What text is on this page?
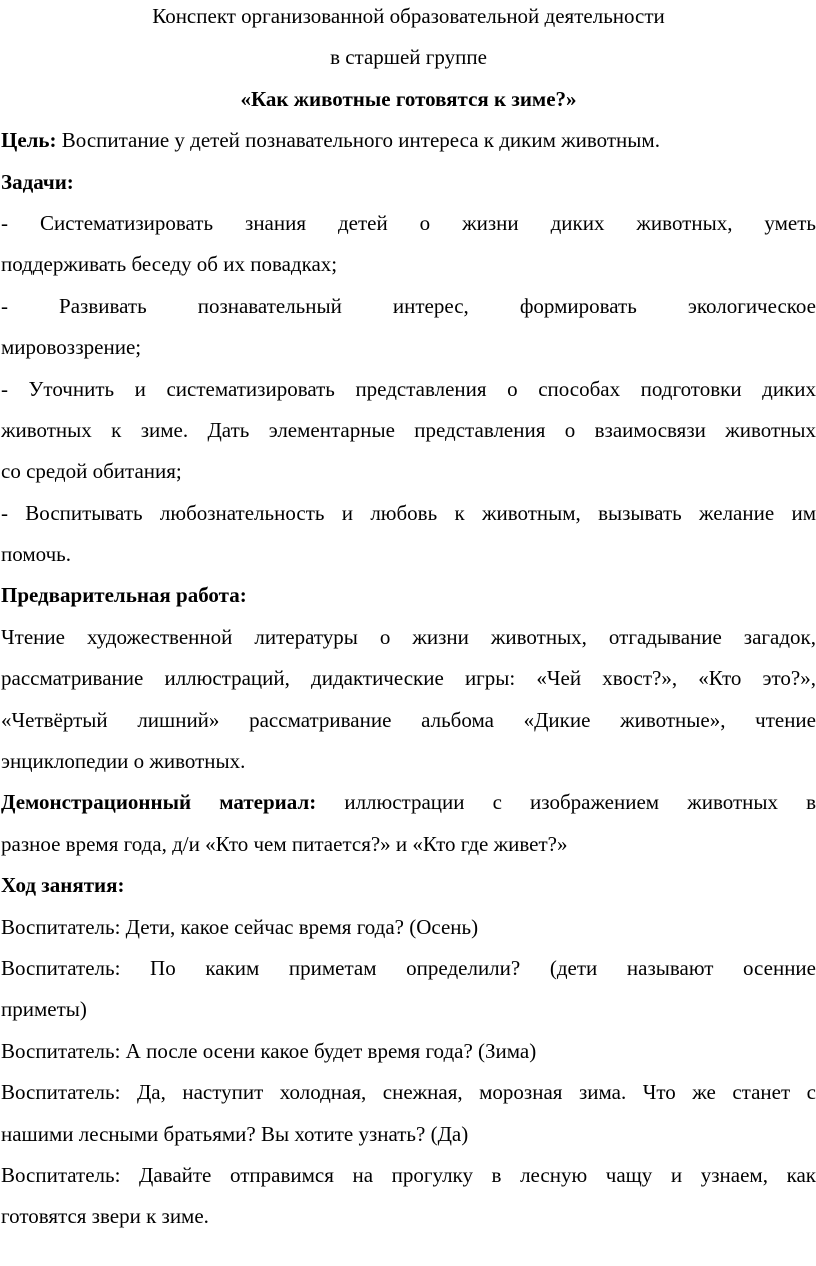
Конспект организованной образовательной деятельности
в старшей группе
«Как животные готовятся к зиме?»
Цель: Воспитание у детей познавательного интереса к диким животным.
Задачи:
- Систематизировать знания детей о жизни диких животных, уметь
поддерживать беседу об их повадках;
- Развивать познавательный интерес, формировать экологическое
мировоззрение;
- Уточнить и систематизировать представления о способах подготовки диких
животных к зиме. Дать элементарные представления о взаимосвязи животных
со средой обитания;
- Воспитывать любознательность и любовь к животным, вызывать желание им
помочь.
Предварительная работа:
Чтение художественной литературы о жизни животных, отгадывание загадок,
рассматривание иллюстраций, дидактические игры: «Чей хвост?», «Кто это?»,
«Четвёртый лишний» рассматривание альбома «Дикие животные», чтение
энциклопедии о животных.
Демонстрационный материал: иллюстрации с изображением животных в
разное время года, д/и «Кто чем питается?» и «Кто где живет?»
Ход занятия:
Воспитатель: Дети, какое сейчас время года? (Осень)
Воспитатель: По каким приметам определили? (дети называют осенние
приметы)
Воспитатель: А после осени какое будет время года? (Зима)
Воспитатель: Да, наступит холодная, снежная, морозная зима. Что же станет с
нашими лесными братьями? Вы хотите узнать? (Да)
Воспитатель: Давайте отправимся на прогулку в лесную чащу и узнаем, как
готовятся звери к зиме.
